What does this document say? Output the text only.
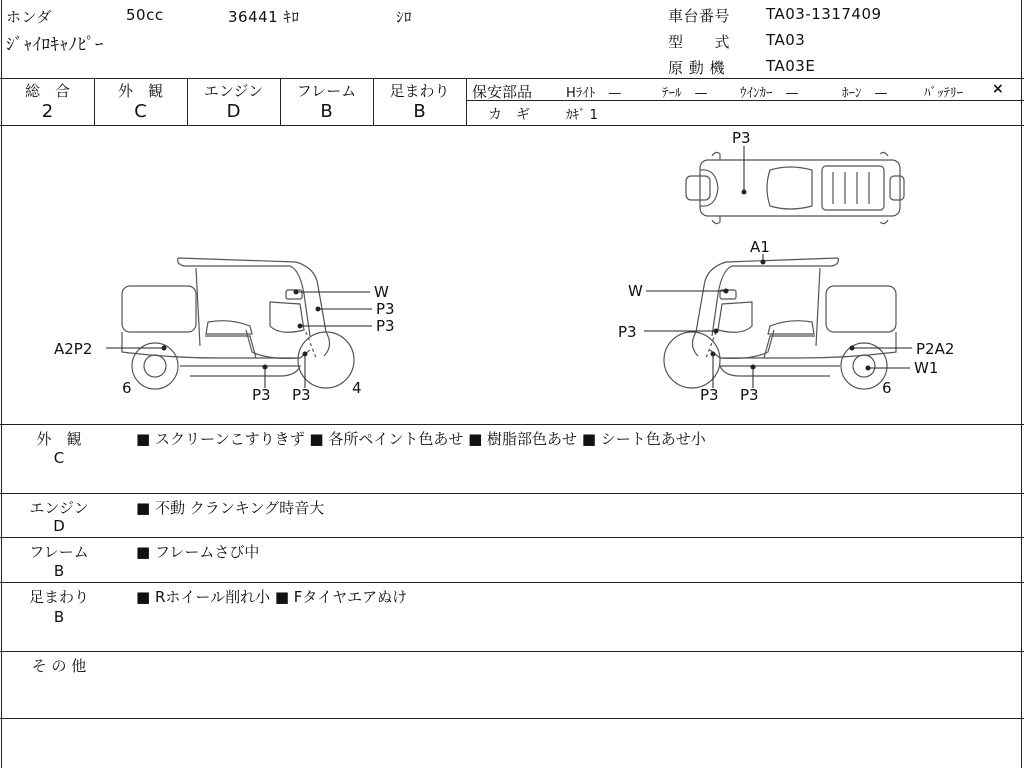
ホンダ	50cc	36441 ｷﾛ	ｼﾛ
ｼﾞｬｲﾛｷｬﾉﾋﾟｰ
車台番号 TA03-1317409
型　　式 TA03
原 動 機	TA03E
総　合
2
外　観
C
エンジン
D
フレーム
B
足まわり
B
保安部品	Hﾗｲﾄ　—	ﾃｰﾙ　— ｳｲﾝｶｰ　—	ﾎｰﾝ　—	ﾊﾞｯﾃﾘｰ ×
カ　ギ	ｶｷﾞ 1
P3
W
P3
P3
A2P2
6	P3 P3	4
A1
W
P3
P2A2
W1
P3 P3	6
外　観
C
■ スクリーンこすりきず ■ 各所ペイント色あせ ■ 樹脂部色あせ ■ シート色あせ小
エンジン
D
■ 不動 クランキング時音大
フレーム
B
■ フレームさび中
足まわり
B
■ Rホイール削れ小 ■ Fタイヤエアぬけ
そ の 他
